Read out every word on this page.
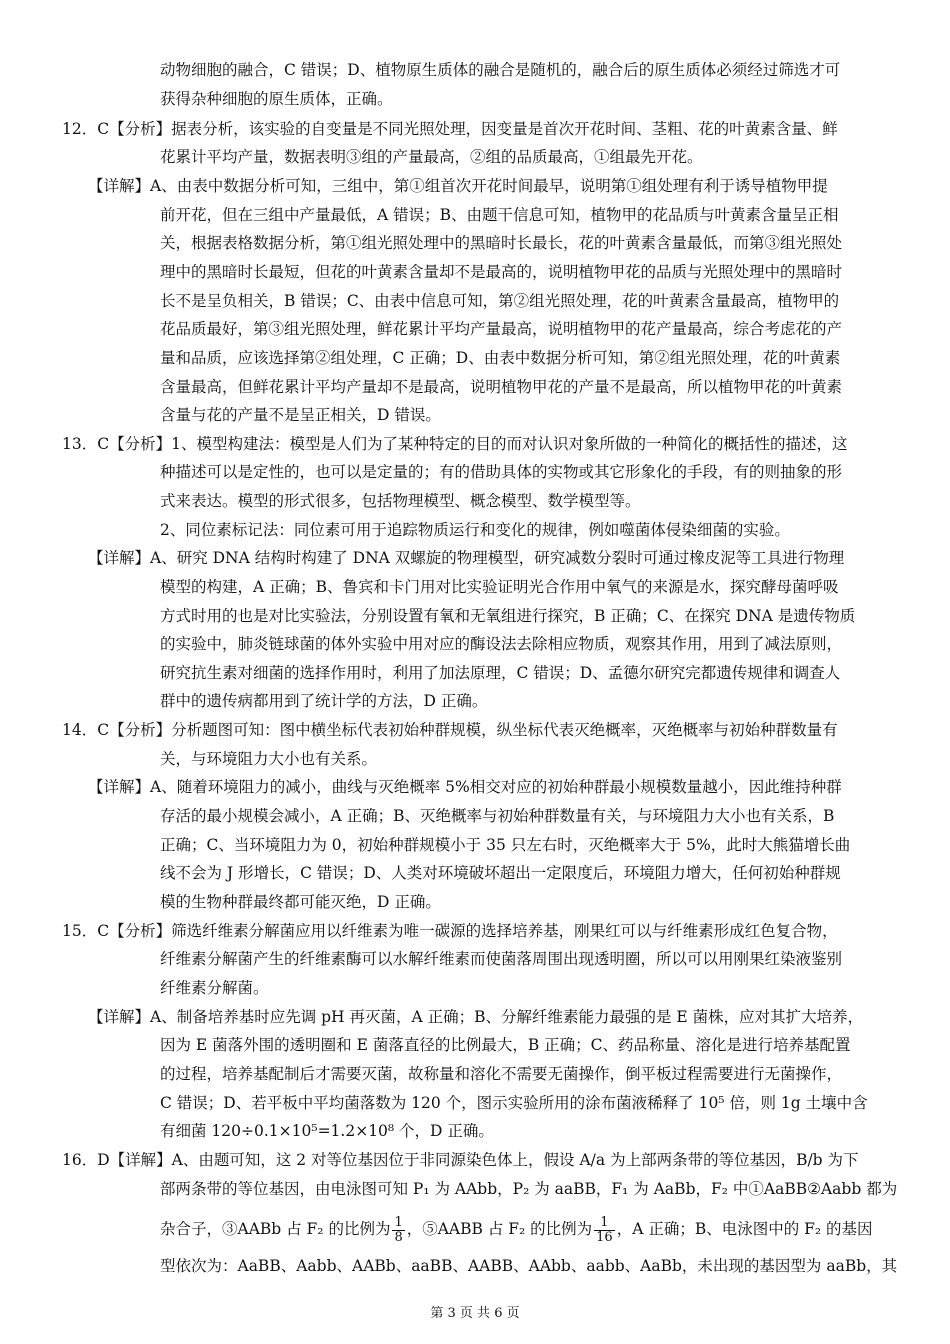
动物细胞的融合，C 错误；D、植物原生质体的融合是随机的，融合后的原生质体必须经过筛选才可
获得杂种细胞的原生质体，正确。
12．C【分析】据表分析，该实验的自变量是不同光照处理，因变量是首次开花时间、茎粗、花的叶黄素含量、鲜
花累计平均产量，数据表明③组的产量最高，②组的品质最高，①组最先开花。
【详解】A、由表中数据分析可知，三组中，第①组首次开花时间最早，说明第①组处理有利于诱导植物甲提
前开花，但在三组中产量最低，A 错误；B、由题干信息可知，植物甲的花品质与叶黄素含量呈正相
关，根据表格数据分析，第①组光照处理中的黑暗时长最长，花的叶黄素含量最低，而第③组光照处
理中的黑暗时长最短，但花的叶黄素含量却不是最高的，说明植物甲花的品质与光照处理中的黑暗时
长不是呈负相关，B 错误；C、由表中信息可知，第②组光照处理，花的叶黄素含量最高，植物甲的
花品质最好，第③组光照处理，鲜花累计平均产量最高，说明植物甲的花产量最高，综合考虑花的产
量和品质，应该选择第②组处理，C 正确；D、由表中数据分析可知，第②组光照处理，花的叶黄素
含量最高，但鲜花累计平均产量却不是最高，说明植物甲花的产量不是最高，所以植物甲花的叶黄素
含量与花的产量不是呈正相关，D 错误。
13．C【分析】1、模型构建法：模型是人们为了某种特定的目的而对认识对象所做的一种简化的概括性的描述，这
种描述可以是定性的，也可以是定量的；有的借助具体的实物或其它形象化的手段，有的则抽象的形
式来表达。模型的形式很多，包括物理模型、概念模型、数学模型等。
2、同位素标记法：同位素可用于追踪物质运行和变化的规律，例如噬菌体侵染细菌的实验。
【详解】A、研究 DNA 结构时构建了 DNA 双螺旋的物理模型，研究减数分裂时可通过橡皮泥等工具进行物理
模型的构建，A 正确；B、鲁宾和卡门用对比实验证明光合作用中氧气的来源是水，探究酵母菌呼吸
方式时用的也是对比实验法，分别设置有氧和无氧组进行探究，B 正确；C、在探究 DNA 是遗传物质
的实验中，肺炎链球菌的体外实验中用对应的酶设法去除相应物质，观察其作用，用到了减法原则，
研究抗生素对细菌的选择作用时，利用了加法原理，C 错误；D、孟德尔研究完都遗传规律和调查人
群中的遗传病都用到了统计学的方法，D 正确。
14．C【分析】分析题图可知：图中横坐标代表初始种群规模，纵坐标代表灭绝概率，灭绝概率与初始种群数量有
关，与环境阻力大小也有关系。
【详解】A、随着环境阻力的减小，曲线与灭绝概率 5%相交对应的初始种群最小规模数量越小，因此维持种群
存活的最小规模会减小，A 正确；B、灭绝概率与初始种群数量有关，与环境阻力大小也有关系，B
正确；C、当环境阻力为 0，初始种群规模小于 35 只左右时，灭绝概率大于 5%，此时大熊猫增长曲
线不会为 J 形增长，C 错误；D、人类对环境破坏超出一定限度后，环境阻力增大，任何初始种群规
模的生物种群最终都可能灭绝，D 正确。
15．C【分析】筛选纤维素分解菌应用以纤维素为唯一碳源的选择培养基，刚果红可以与纤维素形成红色复合物，
纤维素分解菌产生的纤维素酶可以水解纤维素而使菌落周围出现透明圈，所以可以用刚果红染液鉴别
纤维素分解菌。
【详解】A、制备培养基时应先调 pH 再灭菌，A 正确；B、分解纤维素能力最强的是 E 菌株，应对其扩大培养，
因为 E 菌落外围的透明圈和 E 菌落直径的比例最大，B 正确；C、药品称量、溶化是进行培养基配置
的过程，培养基配制后才需要灭菌，故称量和溶化不需要无菌操作，倒平板过程需要进行无菌操作，
C 错误；D、若平板中平均菌落数为 120 个，图示实验所用的涂布菌液稀释了 10⁵ 倍，则 1g 土壤中含
有细菌 120÷0.1×10⁵=1.2×10⁸ 个，D 正确。
16．D【详解】A、由题可知，这 2 对等位基因位于非同源染色体上，假设 A/a 为上部两条带的等位基因，B/b 为下
部两条带的等位基因，由电泳图可知 P₁ 为 AAbb，P₂ 为 aaBB，F₁ 为 AaBb，F₂ 中①AaBB②Aabb 都为
杂合子，③AABb 占 F₂ 的比例为 $\frac{1}{8}$ ，⑤AABB 占 F₂ 的比例为 $\frac{1}{16}$ ，A 正确；B、电泳图中的 F₂ 的基因
型依次为：AaBB、Aabb、AABb、aaBB、AABB、AAbb、aabb、AaBb，未出现的基因型为 aaBb，其
第 3 页 共 6 页
